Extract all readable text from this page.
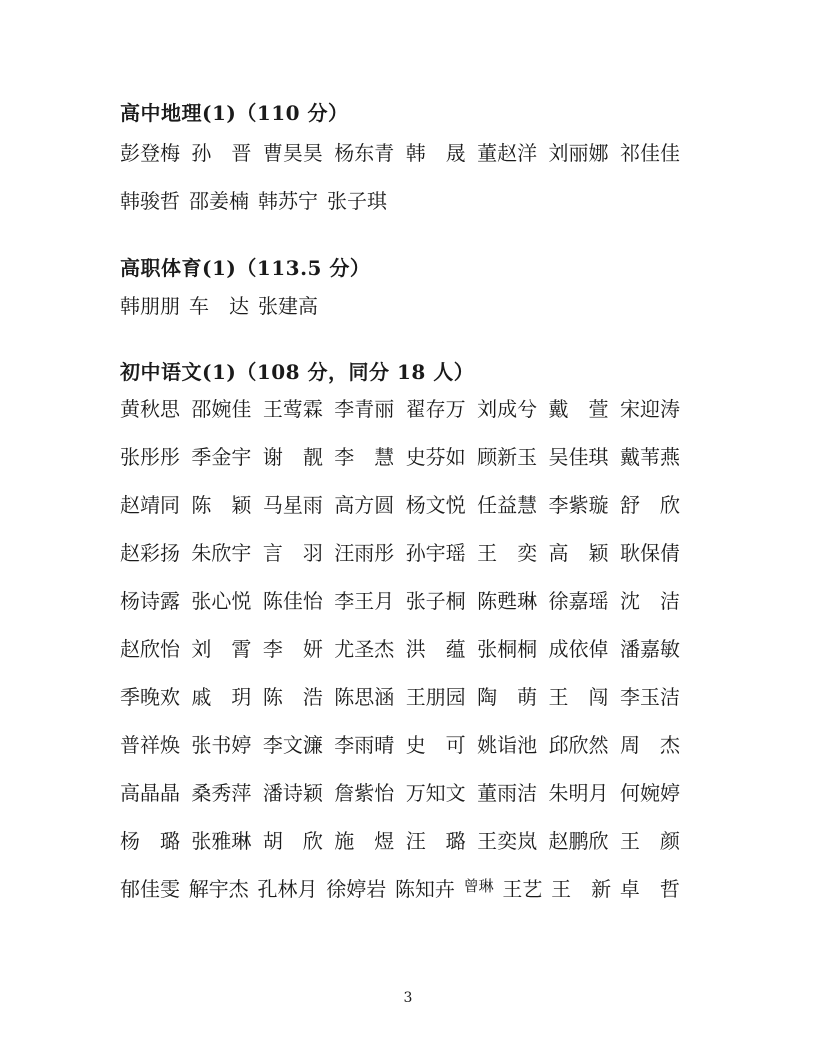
高中地理(1)（110 分）
彭登梅 孙　晋 曹昊昊 杨东青 韩　晟 董赵洋 刘丽娜 祁佳佳
韩骏哲 邵姜楠 韩苏宁 张子琪
高职体育(1)（113.5 分）
韩朋朋 车　达 张建高
初中语文(1)（108 分，同分 18 人）
黄秋思 邵婉佳 王莺霖 李青丽 翟存万 刘成兮 戴　萱 宋迎涛
张彤彤 季金宇 谢　靓 李　慧 史芬如 顾新玉 吴佳琪 戴苇燕
赵靖同 陈　颖 马星雨 高方圆 杨文悦 任益慧 李紫璇 舒　欣
赵彩扬 朱欣宇 言　羽 汪雨彤 孙宇瑶 王　奕 高　颖 耿保倩
杨诗露 张心悦 陈佳怡 李王月 张子桐 陈甦琳 徐嘉瑶 沈　洁
赵欣怡 刘　霄 李　妍 尤圣杰 洪　蕴 张桐桐 成依倬 潘嘉敏
季晚欢 戚　玥 陈　浩 陈思涵 王朋园 陶　萌 王　闯 李玉洁
普祥焕 张书婷 李文濂 李雨晴 史　可 姚诣池 邱欣然 周　杰
高晶晶 桑秀萍 潘诗颖 詹紫怡 万知文 董雨洁 朱明月 何婉婷
杨　璐 张雅琳 胡　欣 施　煜 汪　璐 王奕岚 赵鹏欣 王　颜
郁佳雯 解宇杰 孔林月 徐婷岩 陈知卉 曾琳 王艺 王　新 卓　哲
3
